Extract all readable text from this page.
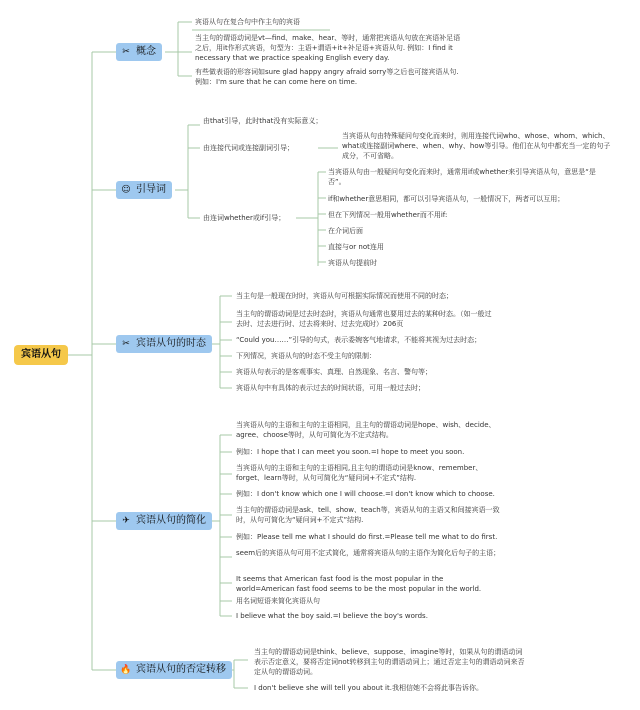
宾语从句
✂ 概念
☺ 引导词
✂ 宾语从句的时态
✈ 宾语从句的简化
🔥 宾语从句的否定转移
宾语从句在复合句中作主句的宾语
当主句的谓语动词是vt—find、make、hear、等时，通常把宾语从句放在宾语补足语之后，用it作形式宾语，句型为：主语+谓语+it+补足语+宾语从句. 例如：I find it necessary that we practice speaking English every day.
有些做表语的形容词如sure glad happy angry afraid sorry等之后也可接宾语从句. 例如：I'm sure that he can come here on time.
由that引导，此时that没有实际意义；
由连接代词或连接副词引导；
当宾语从句由特殊疑问句变化而来时，则用连接代词who、whose、whom、which、what或连接副词where、when、why、how等引导。他们在从句中都充当一定的句子成分，不可省略。
由连词whether或if引导；
当宾语从句由一般疑问句变化而来时，通常用if或whether来引导宾语从句，意思是“是否”。
if和whether意思相同，都可以引导宾语从句，一般情况下，两者可以互用；
但在下列情况一般用whether而不用if:
在介词后面
直接与or not连用
宾语从句提前时
当主句是一般现在时时，宾语从句可根据实际情况而使用不同的时态；
当主句的谓语动词是过去时态时，宾语从句通常也要用过去的某种时态。（如一般过去时、过去进行时、过去将来时、过去完成时）206页
“Could you……”引导的句式，表示委婉客气地请求，不能将其视为过去时态；
下列情况，宾语从句的时态不受主句的限制：
宾语从句表示的是客观事实、真理、自然现象、名言、警句等；
宾语从句中有具体的表示过去的时间状语，可用一般过去时；
当宾语从句的主语和主句的主语相同，且主句的谓语动词是hope、wish、decide、agree、choose等时，从句可简化为不定式结构。
例如：I hope that I can meet you soon.=I hope to meet you soon.
当宾语从句的主语和主句的主语相同,且主句的谓语动词是know、remember、forget、learn等时，从句可简化为“疑问词+不定式”结构.
例如：I don't know which one I will choose.=I don't know which to choose.
当主句的谓语动词是ask、tell、show、teach等，宾语从句的主语又和间接宾语一致时，从句可简化为“疑问词+不定式”结构.
例如：Please tell me what I should do first.=Please tell me what to do first.
seem后的宾语从句可用不定式简化，通常将宾语从句的主语作为简化后句子的主语；
It seems that American fast food is the most popular in the world=American fast food seems to be the most popular in the world.
用名词短语来简化宾语从句
I believe what the boy said.=I believe the boy's words.
当主句的谓语动词是think、believe、suppose、imagine等时，如果从句的谓语动词表示否定意义，要将否定词not转移到主句的谓语动词上；通过否定主句的谓语动词来否定从句的谓语动词。
I don't believe she will tell you about it.我相信她不会将此事告诉你。
